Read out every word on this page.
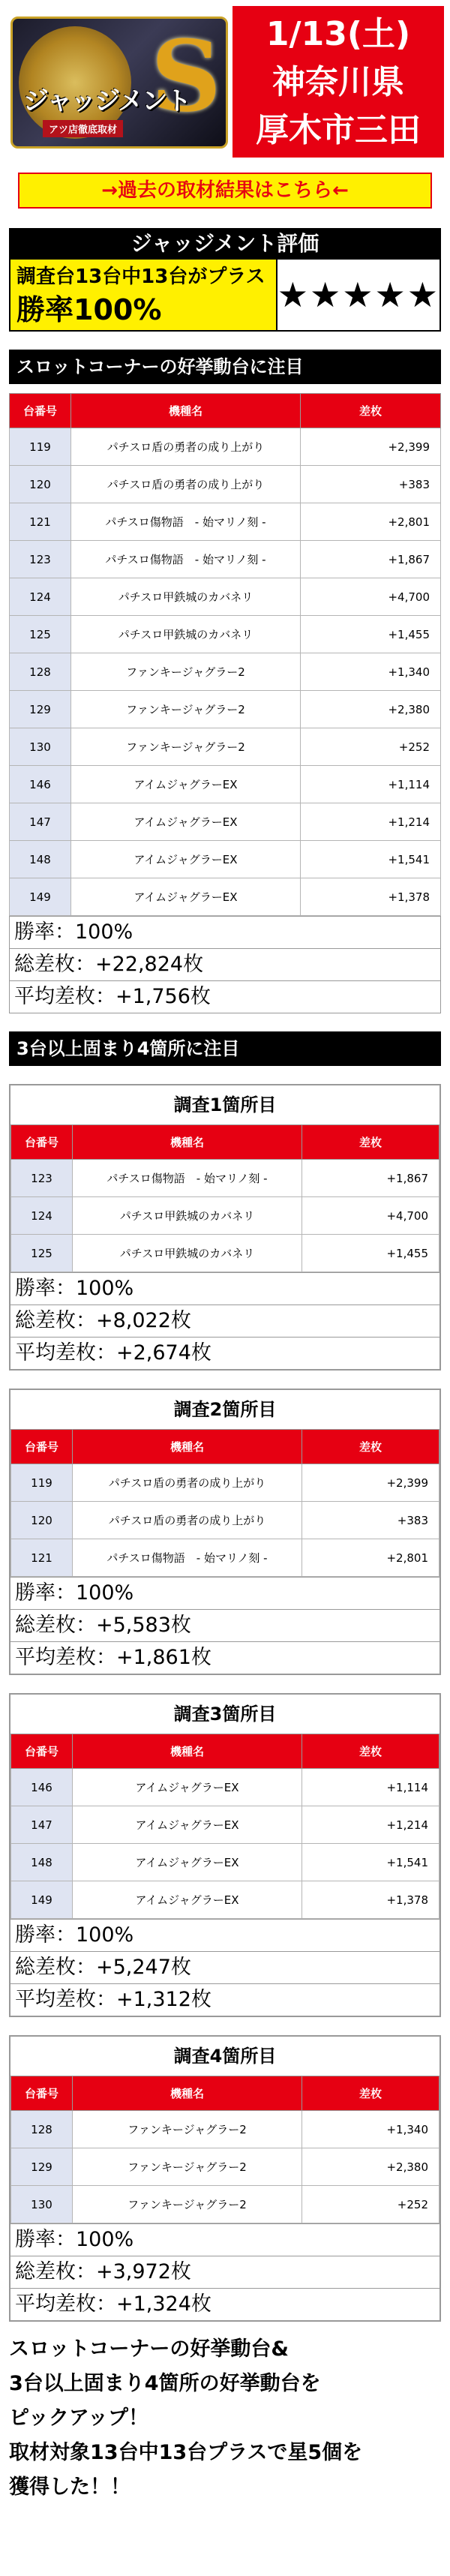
S
ジャッジメント
アツ店徹底取材
1/13(土)
神奈川県
厚木市三田
→過去の取材結果はこちら←
ジャッジメント評価
調査台13台中13台がプラス
勝率100%	★★★★★
スロットコーナーの好挙動台に注目
台番号	機種名	差枚
119	パチスロ盾の勇者の成り上がり	+2,399
120	パチスロ盾の勇者の成り上がり	+383
121	パチスロ傷物語　- 始マリノ刻 -	+2,801
123	パチスロ傷物語　- 始マリノ刻 -	+1,867
124	パチスロ甲鉄城のカバネリ	+4,700
125	パチスロ甲鉄城のカバネリ	+1,455
128	ファンキージャグラー2	+1,340
129	ファンキージャグラー2	+2,380
130	ファンキージャグラー2	+252
146	アイムジャグラーEX	+1,114
147	アイムジャグラーEX	+1,214
148	アイムジャグラーEX	+1,541
149	アイムジャグラーEX	+1,378
勝率：100%
総差枚：+22,824枚
平均差枚：+1,756枚
3台以上固まり4箇所に注目
調査1箇所目
台番号	機種名	差枚
123	パチスロ傷物語　- 始マリノ刻 -	+1,867
124	パチスロ甲鉄城のカバネリ	+4,700
125	パチスロ甲鉄城のカバネリ	+1,455
勝率：100%
総差枚：+8,022枚
平均差枚：+2,674枚
調査2箇所目
台番号	機種名	差枚
119	パチスロ盾の勇者の成り上がり	+2,399
120	パチスロ盾の勇者の成り上がり	+383
121	パチスロ傷物語　- 始マリノ刻 -	+2,801
勝率：100%
総差枚：+5,583枚
平均差枚：+1,861枚
調査3箇所目
台番号	機種名	差枚
146	アイムジャグラーEX	+1,114
147	アイムジャグラーEX	+1,214
148	アイムジャグラーEX	+1,541
149	アイムジャグラーEX	+1,378
勝率：100%
総差枚：+5,247枚
平均差枚：+1,312枚
調査4箇所目
台番号	機種名	差枚
128	ファンキージャグラー2	+1,340
129	ファンキージャグラー2	+2,380
130	ファンキージャグラー2	+252
勝率：100%
総差枚：+3,972枚
平均差枚：+1,324枚
スロットコーナーの好挙動台&
3台以上固まり4箇所の好挙動台を
ピックアップ！
取材対象13台中13台プラスで星5個を
獲得した！！
